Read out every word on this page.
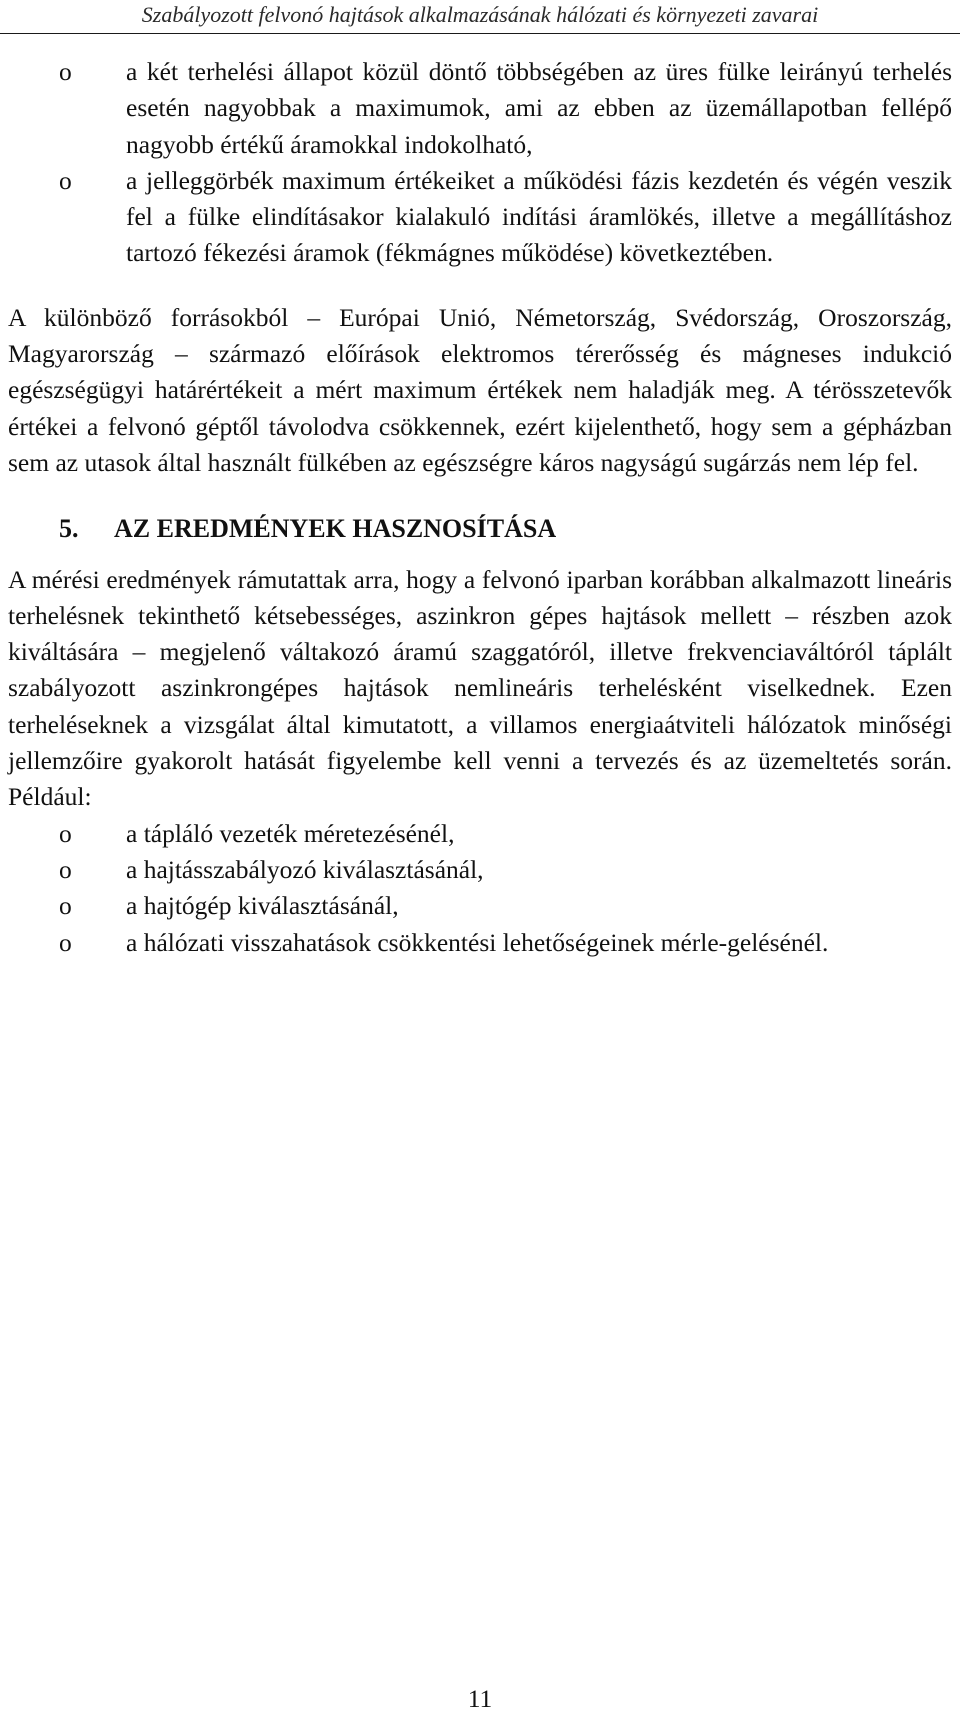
Szabályozott felvonó hajtások alkalmazásának hálózati és környezeti zavarai
o a két terhelési állapot közül döntő többségében az üres fülke leirányú terhelés esetén nagyobbak a maximumok, ami az ebben az üzemállapotban fellépő nagyobb értékű áramokkal indokolható,
o a jelleggörbék maximum értékeiket a működési fázis kezdetén és végén veszik fel a fülke elindításakor kialakuló indítási áramlökés, illetve a megállításhoz tartozó fékezési áramok (fékmágnes működése) következtében.

A különböző forrásokból – Európai Unió, Németország, Svédország, Oroszország, Magyarország – származó előírások elektromos térerősség és mágneses indukció egészségügyi határértékeit a mért maximum értékek nem haladják meg. A térösszetevők értékei a felvonó géptől távolodva csökkennek, ezért kijelenthető, hogy sem a gépházban sem az utasok által használt fülkében az egészségre káros nagyságú sugárzás nem lép fel.

5. AZ EREDMÉNYEK HASZNOSÍTÁSA

A mérési eredmények rámutattak arra, hogy a felvonó iparban korábban alkalmazott lineáris terhelésnek tekinthető kétsebességes, aszinkron gépes hajtások mellett – részben azok kiváltására – megjelenő váltakozó áramú szaggatóról, illetve frekvenciaváltóról táplált szabályozott aszinkrongépes hajtások nemlineáris terhelésként viselkednek. Ezen terheléseknek a vizsgálat által kimutatott, a villamos energiaátviteli hálózatok minőségi jellemzőire gyakorolt hatását figyelembe kell venni a tervezés és az üzemeltetés során. Például:

o a tápláló vezeték méretezésénél,
o a hajtásszabályozó kiválasztásánál,
o a hajtógép kiválasztásánál,
o a hálózati visszahatások csökkentési lehetőségeinek mérle-gelésénél.
11
